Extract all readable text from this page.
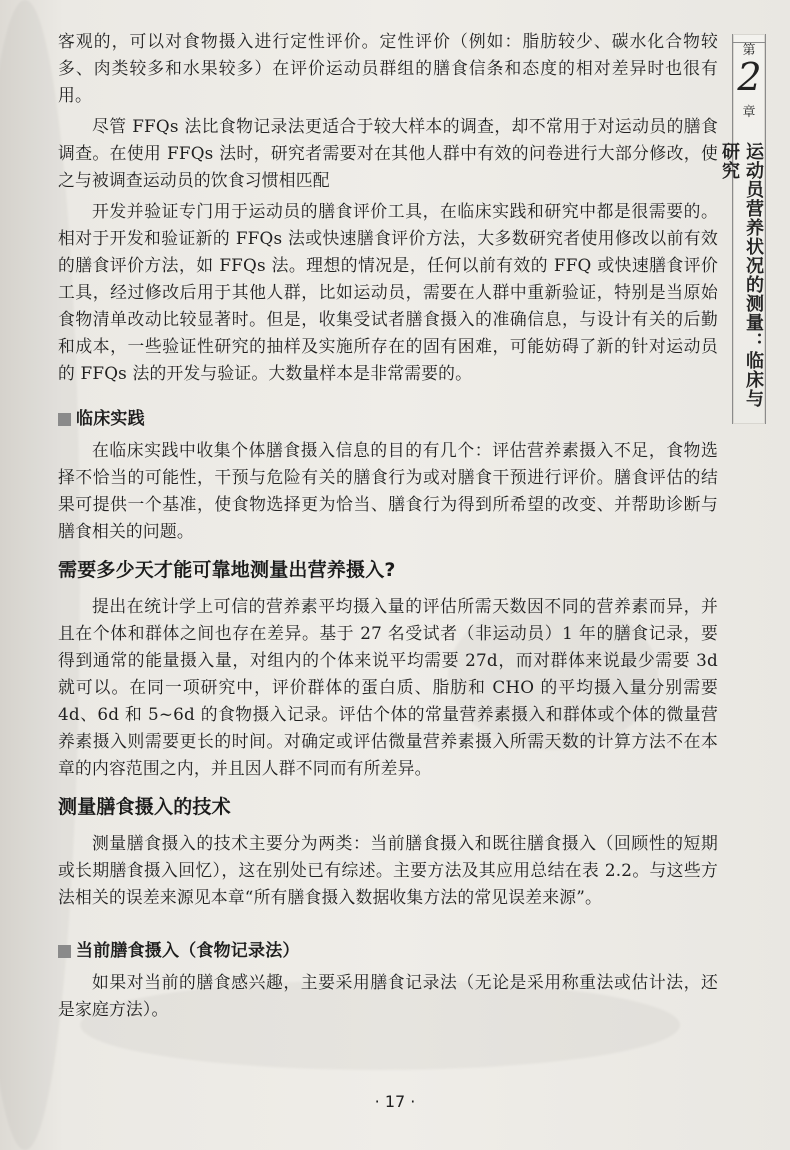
客观的，可以对食物摄入进行定性评价。定性评价（例如：脂肪较少、碳水化合物较多、肉类较多和水果较多）在评价运动员群组的膳食信条和态度的相对差异时也很有用。

尽管 FFQs 法比食物记录法更适合于较大样本的调查，却不常用于对运动员的膳食调查。在使用 FFQs 法时，研究者需要对在其他人群中有效的问卷进行大部分修改，使之与被调查运动员的饮食习惯相匹配

开发并验证专门用于运动员的膳食评价工具，在临床实践和研究中都是很需要的。相对于开发和验证新的 FFQs 法或快速膳食评价方法，大多数研究者使用修改以前有效的膳食评价方法，如 FFQs 法。理想的情况是，任何以前有效的 FFQ 或快速膳食评价工具，经过修改后用于其他人群，比如运动员，需要在人群中重新验证，特别是当原始食物清单改动比较显著时。但是，收集受试者膳食摄入的准确信息，与设计有关的后勤和成本，一些验证性研究的抽样及实施所存在的固有困难，可能妨碍了新的针对运动员的 FFQs 法的开发与验证。大数量样本是非常需要的。

临床实践

在临床实践中收集个体膳食摄入信息的目的有几个：评估营养素摄入不足，食物选择不恰当的可能性，干预与危险有关的膳食行为或对膳食干预进行评价。膳食评估的结果可提供一个基准，使食物选择更为恰当、膳食行为得到所希望的改变、并帮助诊断与膳食相关的问题。

需要多少天才能可靠地测量出营养摄入?

提出在统计学上可信的营养素平均摄入量的评估所需天数因不同的营养素而异，并且在个体和群体之间也存在差异。基于 27 名受试者（非运动员）1 年的膳食记录，要得到通常的能量摄入量，对组内的个体来说平均需要 27d，而对群体来说最少需要 3d 就可以。在同一项研究中，评价群体的蛋白质、脂肪和 CHO 的平均摄入量分别需要 4d、6d 和 5~6d 的食物摄入记录。评估个体的常量营养素摄入和群体或个体的微量营养素摄入则需要更长的时间。对确定或评估微量营养素摄入所需天数的计算方法不在本章的内容范围之内，并且因人群不同而有所差异。

测量膳食摄入的技术

测量膳食摄入的技术主要分为两类：当前膳食摄入和既往膳食摄入（回顾性的短期或长期膳食摄入回忆），这在别处已有综述。主要方法及其应用总结在表 2.2。与这些方法相关的误差来源见本章“所有膳食摄入数据收集方法的常见误差来源”。

当前膳食摄入（食物记录法）

如果对当前的膳食感兴趣，主要采用膳食记录法（无论是采用称重法或估计法，还是家庭方法）。

第
2
章
运动员营养状况的测量：临床与研究
· 17 ·
